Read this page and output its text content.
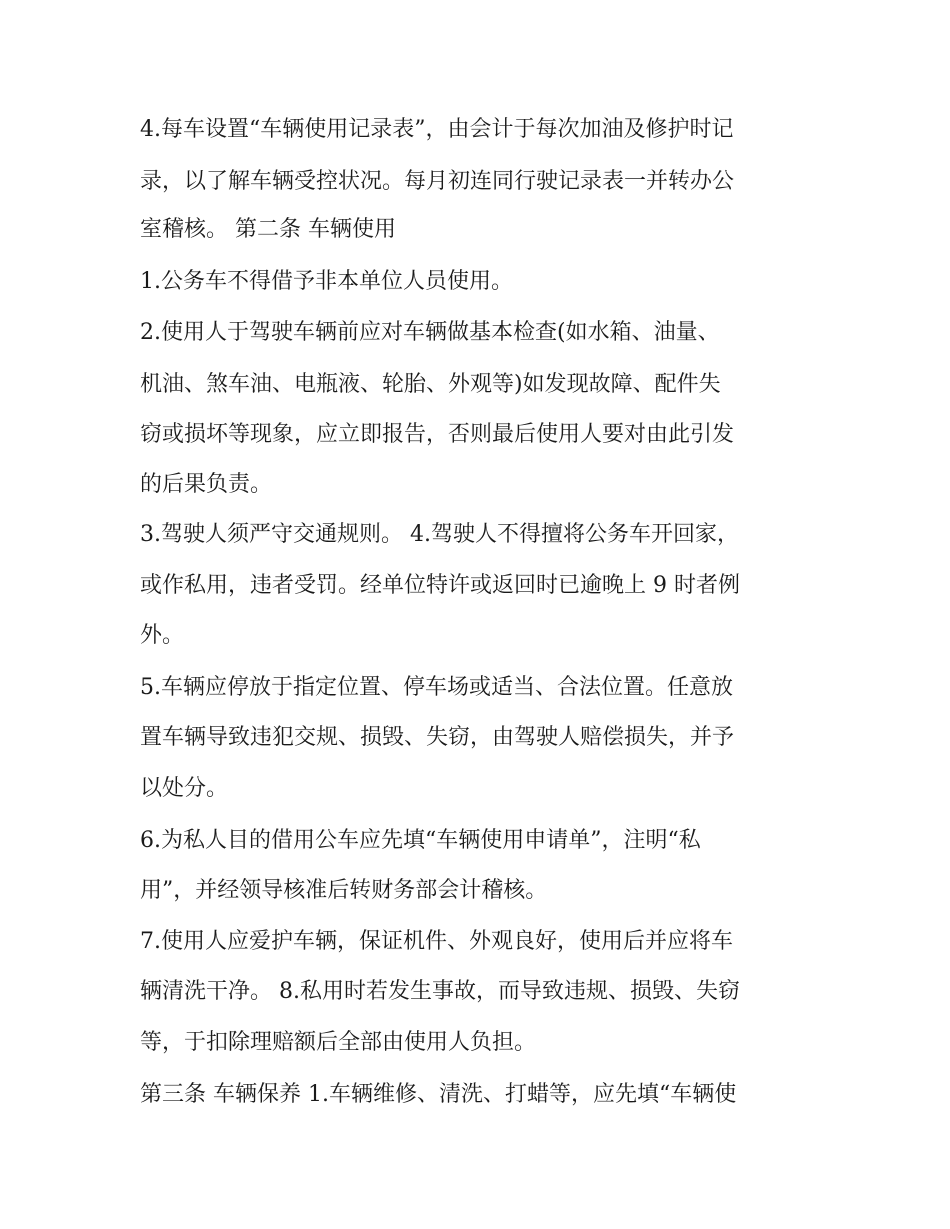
4.每车设置“车辆使用记录表”，由会计于每次加油及修护时记
录，以了解车辆受控状况。每月初连同行驶记录表一并转办公
室稽核。 第二条 车辆使用
1.公务车不得借予非本单位人员使用。
2.使用人于驾驶车辆前应对车辆做基本检查(如水箱、油量、
机油、煞车油、电瓶液、轮胎、外观等)如发现故障、配件失
窃或损坏等现象，应立即报告，否则最后使用人要对由此引发
的后果负责。
3.驾驶人须严守交通规则。 4.驾驶人不得擅将公务车开回家，
或作私用，违者受罚。经单位特许或返回时已逾晚上 9 时者例
外。
5.车辆应停放于指定位置、停车场或适当、合法位置。任意放
置车辆导致违犯交规、损毁、失窃，由驾驶人赔偿损失，并予
以处分。
6.为私人目的借用公车应先填“车辆使用申请单”，注明“私
用”，并经领导核准后转财务部会计稽核。
7.使用人应爱护车辆，保证机件、外观良好，使用后并应将车
辆清洗干净。 8.私用时若发生事故，而导致违规、损毁、失窃
等，于扣除理赔额后全部由使用人负担。
第三条 车辆保养 1.车辆维修、清洗、打蜡等，应先填“车辆使
